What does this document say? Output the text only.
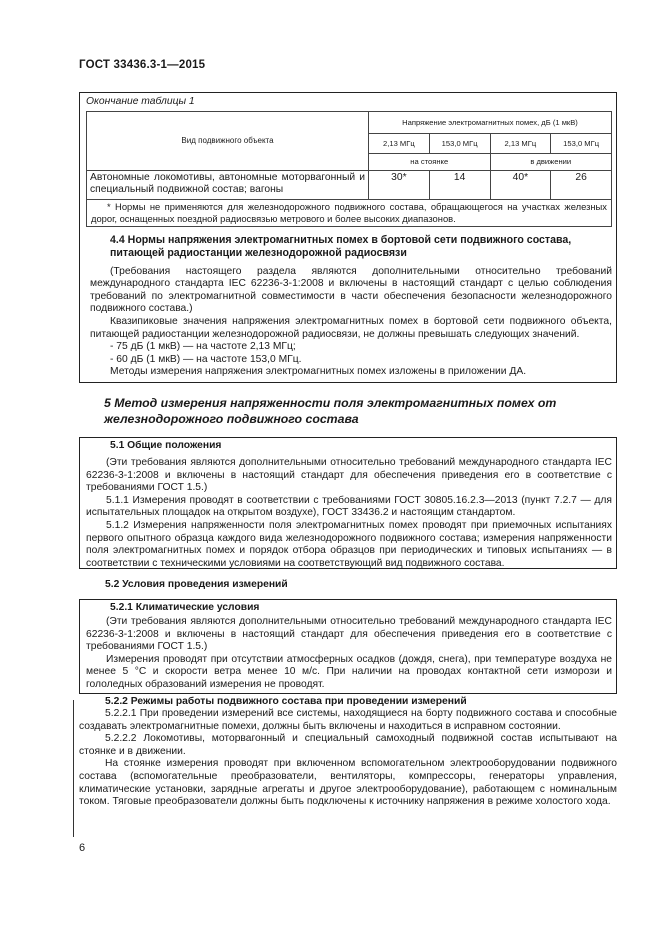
ГОСТ 33436.3-1—2015
Окончание таблицы 1
Вид подвижного объекта	Напряжение электромагнитных помех, дБ (1 мкВ)			
	2,13 МГц	153,0 МГц	2,13 МГц	153,0 МГц
	на стоянке		в движении	
Автономные локомотивы, автономные моторвагонный и специальный подвижной состав; вагоны	30*	14	40*	26
* Нормы не применяются для железнодорожного подвижного состава, обращающегося на участках железных дорог, оснащенных поездной радиосвязью метрового и более высоких диапазонов.				

4.4 Нормы напряжения электромагнитных помех в бортовой сети подвижного состава, питающей радиостанции железнодорожной радиосвязи

(Требования настоящего раздела являются дополнительными относительно требований международного стандарта IEC 62236-3-1:2008 и включены в настоящий стандарт с целью соблюдения требований по электромагнитной совместимости в части обеспечения безопасности железнодорожного подвижного состава.)

Квазипиковые значения напряжения электромагнитных помех в бортовой сети подвижного объекта, питающей радиостанции железнодорожной радиосвязи, не должны превышать следующих значений.

- 75 дБ (1 мкВ) — на частоте 2,13 МГц;

- 60 дБ (1 мкВ) — на частоте 153,0 МГц.

Методы измерения напряжения электромагнитных помех изложены в приложении ДА.

5 Метод измерения напряженности поля электромагнитных помех от железнодорожного подвижного состава

5.1 Общие положения

(Эти требования являются дополнительными относительно требований международного стандарта IEC 62236-3-1:2008 и включены в настоящий стандарт для обеспечения приведения его в соответствие с требованиями ГОСТ 1.5.)

5.1.1 Измерения проводят в соответствии с требованиями ГОСТ 30805.16.2.3—2013 (пункт 7.2.7 — для испытательных площадок на открытом воздухе), ГОСТ 33436.2 и настоящим стандартом.

5.1.2 Измерения напряженности поля электромагнитных помех проводят при приемочных испытаниях первого опытного образца каждого вида железнодорожного подвижного состава; измерения напряженности поля электромагнитных помех и порядок отбора образцов при периодических и типовых испытаниях — в соответствии с техническими условиями на соответствующий вид подвижного состава.

5.2 Условия проведения измерений

5.2.1 Климатические условия

(Эти требования являются дополнительными относительно требований международного стандарта IEC 62236-3-1:2008 и включены в настоящий стандарт для обеспечения приведения его в соответствие с требованиями ГОСТ 1.5.)

Измерения проводят при отсутствии атмосферных осадков (дождя, снега), при температуре воздуха не менее 5 °С и скорости ветра менее 10 м/с. При наличии на проводах контактной сети изморози и гололедных образований измерения не проводят.

5.2.2 Режимы работы подвижного состава при проведении измерений

5.2.2.1 При проведении измерений все системы, находящиеся на борту подвижного состава и способные создавать электромагнитные помехи, должны быть включены и находиться в исправном состоянии.

5.2.2.2 Локомотивы, моторвагонный и специальный самоходный подвижной состав испытывают на стоянке и в движении.

На стоянке измерения проводят при включенном вспомогательном электрооборудовании подвижного состава (вспомогательные преобразователи, вентиляторы, компрессоры, генераторы управления, климатические установки, зарядные агрегаты и другое электрооборудование), работающем с номинальным током. Тяговые преобразователи должны быть подключены к источнику напряжения в режиме холостого хода.

6
